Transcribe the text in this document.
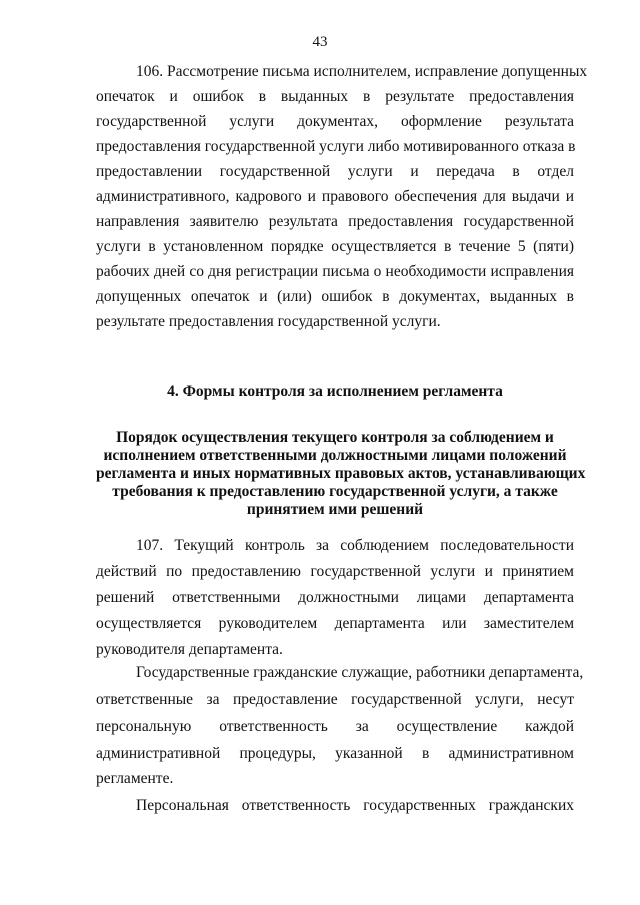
43
106. Рассмотрение письма исполнителем, исправление допущенных
опечаток и ошибок в выданных в результате предоставления
государственной услуги документах, оформление результата
предоставления государственной услуги либо мотивированного отказа в
предоставлении государственной услуги и передача в отдел
административного, кадрового и правового обеспечения для выдачи и
направления заявителю результата предоставления государственной
услуги в установленном порядке осуществляется в течение 5 (пяти)
рабочих дней со дня регистрации письма о необходимости исправления
допущенных опечаток и (или) ошибок в документах, выданных в
результате предоставления государственной услуги.
4. Формы контроля за исполнением регламента
Порядок осуществления текущего контроля за соблюдением и
исполнением ответственными должностными лицами положений
регламента и иных нормативных правовых актов, устанавливающих
требования к предоставлению государственной услуги, а также
принятием ими решений
107. Текущий контроль за соблюдением последовательности
действий по предоставлению государственной услуги и принятием
решений ответственными должностными лицами департамента
осуществляется руководителем департамента или заместителем
руководителя департамента.
Государственные гражданские служащие, работники департамента,
ответственные за предоставление государственной услуги, несут
персональную ответственность за осуществление каждой
административной процедуры, указанной в административном
регламенте.
Персональная ответственность государственных гражданских
